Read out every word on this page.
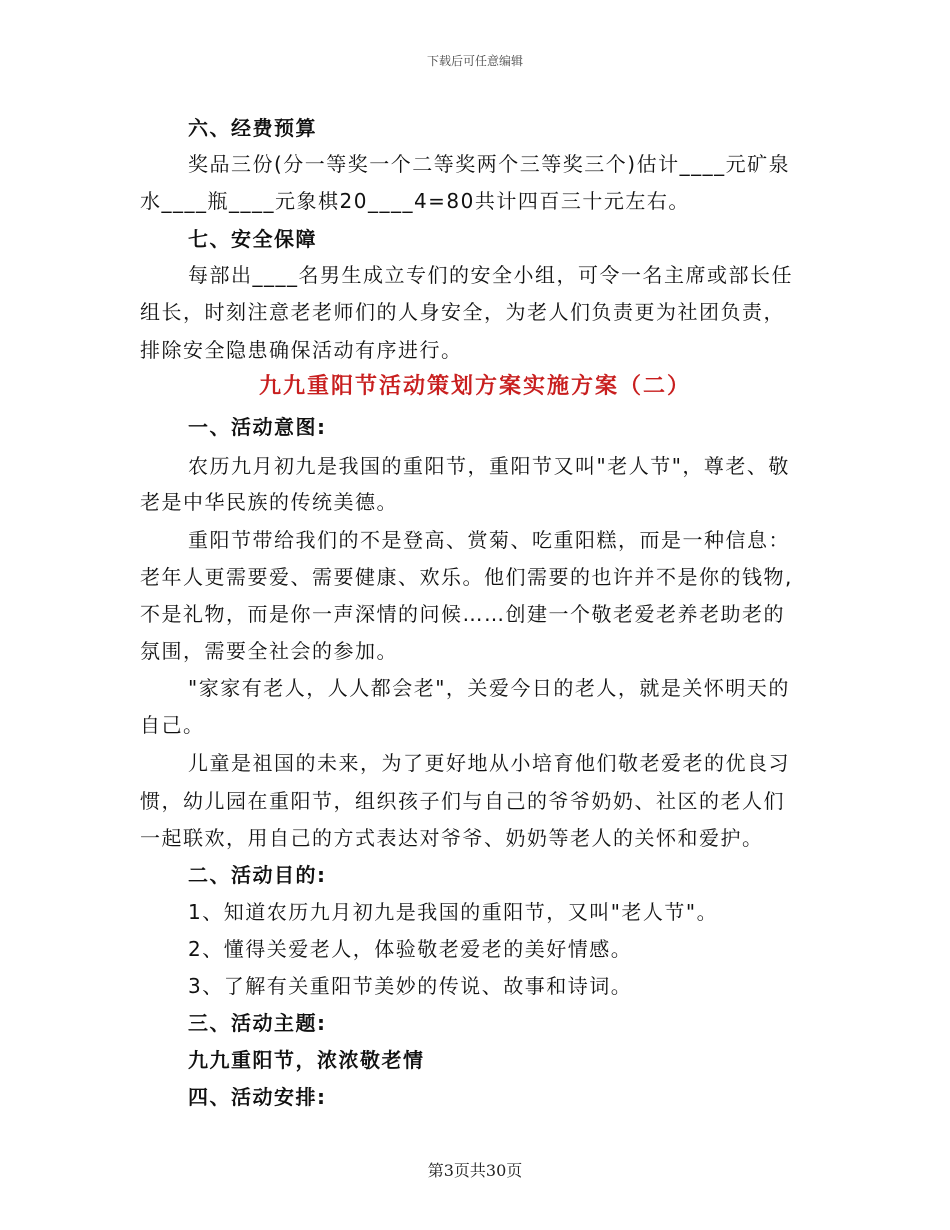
下载后可任意编辑
六、经费预算
奖品三份(分一等奖一个二等奖两个三等奖三个)估计____元矿泉
水____瓶____元象棋20____4=80共计四百三十元左右。
七、安全保障
每部出____名男生成立专们的安全小组，可令一名主席或部长任
组长，时刻注意老老师们的人身安全，为老人们负责更为社团负责，
排除安全隐患确保活动有序进行。
九九重阳节活动策划方案实施方案（二）
一、活动意图:
农历九月初九是我国的重阳节，重阳节又叫"老人节"，尊老、敬
老是中华民族的传统美德。
重阳节带给我们的不是登高、赏菊、吃重阳糕，而是一种信息：
老年人更需要爱、需要健康、欢乐。他们需要的也许并不是你的钱物,
不是礼物，而是你一声深情的问候……创建一个敬老爱老养老助老的
氛围，需要全社会的参加。
"家家有老人，人人都会老"，关爱今日的老人，就是关怀明天的
自己。
儿童是祖国的未来，为了更好地从小培育他们敬老爱老的优良习
惯，幼儿园在重阳节，组织孩子们与自己的爷爷奶奶、社区的老人们
一起联欢，用自己的方式表达对爷爷、奶奶等老人的关怀和爱护。
二、活动目的:
1、知道农历九月初九是我国的重阳节，又叫"老人节"。
2、懂得关爱老人，体验敬老爱老的美好情感。
3、了解有关重阳节美妙的传说、故事和诗词。
三、活动主题:
九九重阳节，浓浓敬老情
四、活动安排:
第3页共30页
